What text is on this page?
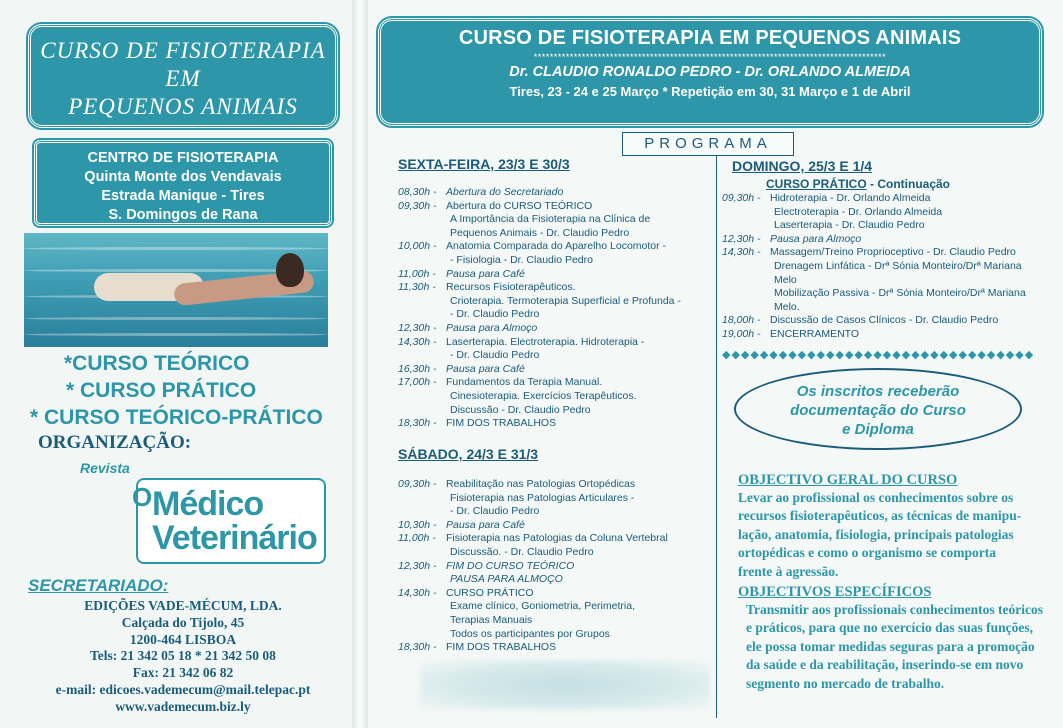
CURSO DE FISIOTERAPIA
EM
PEQUENOS ANIMAIS
CENTRO DE FISIOTERAPIA
Quinta Monte dos Vendavais
Estrada Manique - Tires
S. Domingos de Rana
*CURSO TEÓRICO
* CURSO PRÁTICO
* CURSO TEÓRICO-PRÁTICO
ORGANIZAÇÃO:
Revista
O Médico
Veterinário
SECRETARIADO:
EDIÇÕES VADE-MÉCUM, LDA.
Calçada do Tijolo, 45
1200-464 LISBOA
Tels: 21 342 05 18 * 21 342 50 08
Fax: 21 342 06 82
e-mail: edicoes.vademecum@mail.telepac.pt
www.vademecum.biz.ly
CURSO DE FISIOTERAPIA EM PEQUENOS ANIMAIS
****************************************************************************************
Dr. CLAUDIO RONALDO PEDRO - Dr. ORLANDO ALMEIDA
Tires, 23 - 24 e 25 Março * Repetição em 30, 31 Março e 1 de Abril
PROGRAMA
SEXTA-FEIRA, 23/3 E 30/3
08,30h - Abertura do Secretariado
09,30h - Abertura do CURSO TEÓRICO
A Importância da Fisioterapia na Clínica de
Pequenos Animais - Dr. Claudio Pedro
10,00h - Anatomia Comparada do Aparelho Locomotor -
- Fisiologia - Dr. Claudio Pedro
11,00h - Pausa para Café
11,30h - Recursos Fisioterapêuticos.
Crioterapia. Termoterapia Superficial e Profunda -
- Dr. Claudio Pedro
12,30h - Pausa para Almoço
14,30h - Laserterapia. Electroterapia. Hidroterapia -
- Dr. Claudio Pedro
16,30h - Pausa para Café
17,00h - Fundamentos da Terapia Manual.
Cinesioterapia. Exercícios Terapêuticos.
Discussão - Dr. Claudio Pedro
18,30h - FIM DOS TRABALHOS
SÁBADO, 24/3 E 31/3
09,30h - Reabilitação nas Patologias Ortopédicas
Fisioterapia nas Patologias Articulares -
- Dr. Claudio Pedro
10,30h - Pausa para Café
11,00h - Fisioterapia nas Patologias da Coluna Vertebral
Discussão. - Dr. Claudio Pedro
12,30h - FIM DO CURSO TEÓRICO
PAUSA PARA ALMOÇO
14,30h - CURSO PRÁTICO
Exame clínico, Goniometria, Perimetria,
Terapias Manuais
Todos os participantes por Grupos
18,30h - FIM DOS TRABALHOS
DOMINGO, 25/3 E 1/4
CURSO PRÁTICO - Continuação
09,30h - Hidroterapia - Dr. Orlando Almeida
Electroterapia - Dr. Orlando Almeida
Laserterapia - Dr. Claudio Pedro
12,30h - Pausa para Almoço
14,30h - Massagem/Treino Proprioceptivo - Dr. Claudio Pedro
Drenagem Linfática - Drª Sónia Monteiro/Drª Mariana
Melo
Mobilização Passiva - Drª Sónia Monteiro/Drª Mariana
Melo.
18,00h - Discussão de Casos Clínicos - Dr. Claudio Pedro
19,00h - ENCERRAMENTO
◆◆◆◆◆◆◆◆◆◆◆◆◆◆◆◆◆◆◆◆◆◆◆◆◆◆◆◆◆◆◆◆◆
Os inscritos receberão
documentação do Curso
e Diploma
OBJECTIVO GERAL DO CURSO
Levar ao profissional os conhecimentos sobre os
recursos fisioterapêuticos, as técnicas de manipu-
lação, anatomia, fisiologia, principais patologias
ortopédicas e como o organismo se comporta
frente à agressão.
OBJECTIVOS ESPECÍFICOS
Transmitir aos profissionais conhecimentos teóricos
e práticos, para que no exercício das suas funções,
ele possa tomar medidas seguras para a promoção
da saúde e da reabilitação, inserindo-se em novo
segmento no mercado de trabalho.
